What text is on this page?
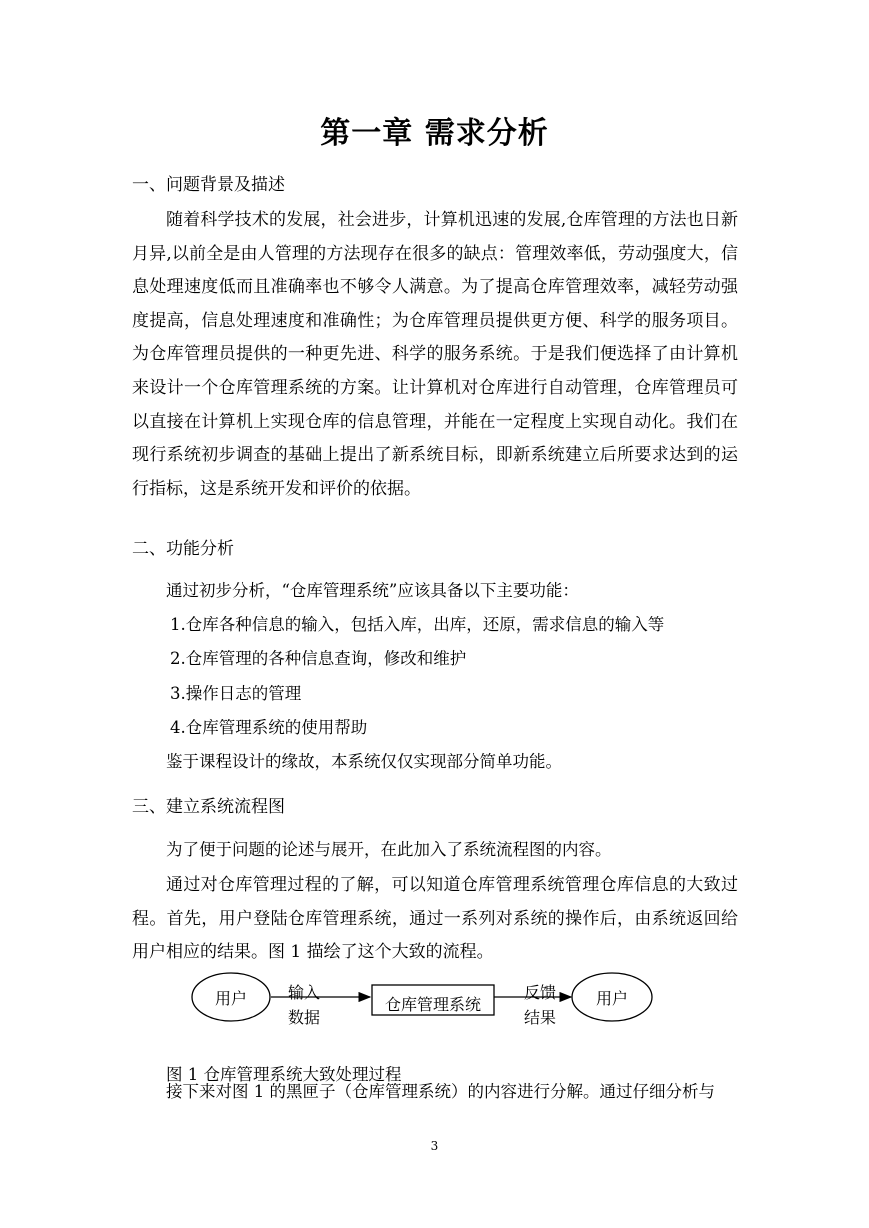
第一章 需求分析
一、问题背景及描述

随着科学技术的发展，社会进步，计算机迅速的发展,仓库管理的方法也日新月异,以前全是由人管理的方法现存在很多的缺点：管理效率低，劳动强度大，信息处理速度低而且准确率也不够令人满意。为了提高仓库管理效率，减轻劳动强度提高，信息处理速度和准确性；为仓库管理员提供更方便、科学的服务项目。为仓库管理员提供的一种更先进、科学的服务系统。于是我们便选择了由计算机来设计一个仓库管理系统的方案。让计算机对仓库进行自动管理，仓库管理员可以直接在计算机上实现仓库的信息管理，并能在一定程度上实现自动化。我们在现行系统初步调查的基础上提出了新系统目标，即新系统建立后所要求达到的运行指标，这是系统开发和评价的依据。

二、功能分析

通过初步分析，“仓库管理系统”应该具备以下主要功能：

1.仓库各种信息的输入，包括入库，出库，还原，需求信息的输入等

2.仓库管理的各种信息查询，修改和维护

3.操作日志的管理

4.仓库管理系统的使用帮助

鉴于课程设计的缘故，本系统仅仅实现部分简单功能。

三、建立系统流程图

为了便于问题的论述与展开，在此加入了系统流程图的内容。

通过对仓库管理过程的了解，可以知道仓库管理系统管理仓库信息的大致过程。首先，用户登陆仓库管理系统，通过一系列对系统的操作后，由系统返回给用户相应的结果。图 1 描绘了这个大致的流程。

用户	输入
数据
仓库管理系统
反馈
结果
用户

图 1 仓库管理系统大致处理过程

接下来对图 1 的黑匣子（仓库管理系统）的内容进行分解。通过仔细分析与

3
